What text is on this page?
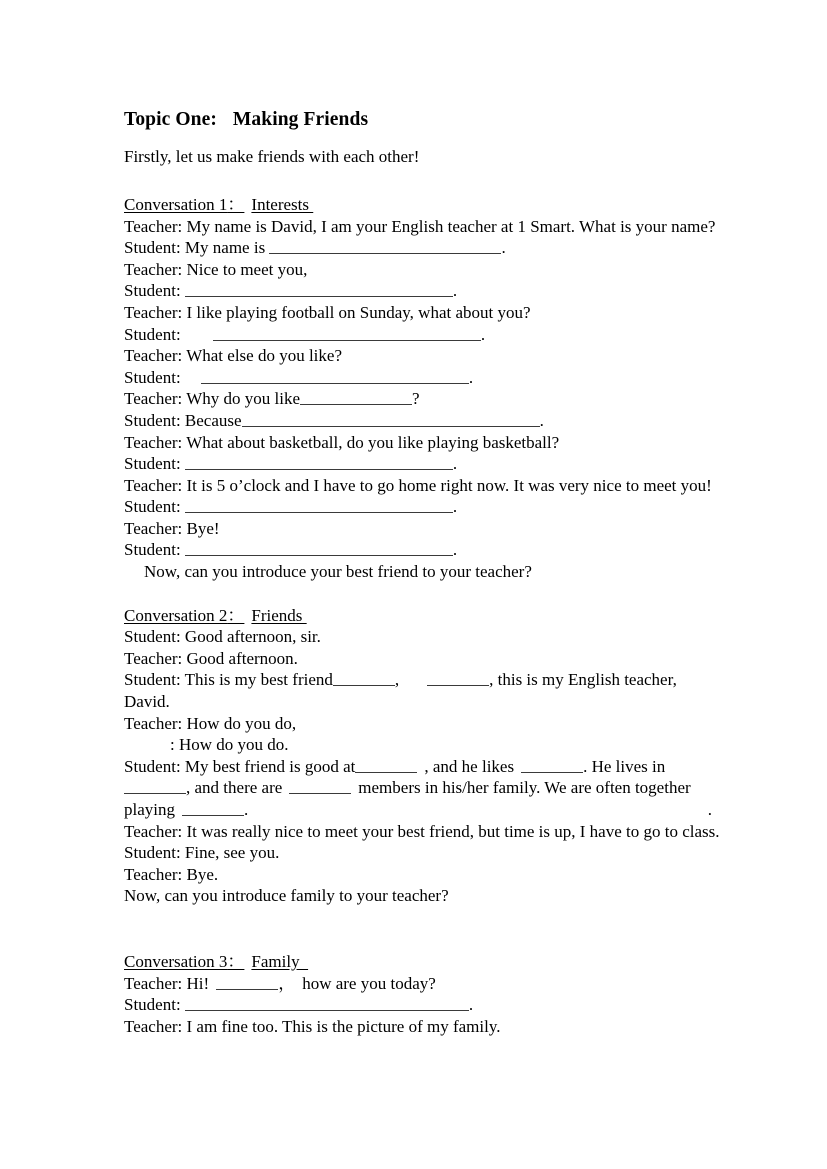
Topic One: Making Friends

Firstly, let us make friends with each other!

Conversation 1： Interests

Teacher: My name is David, I am your English teacher at 1 Smart. What is your name?

Student: My name is	.

Teacher: Nice to meet you,

Student:	.

Teacher: I like playing football on Sunday, what about you?

Student:	.

Teacher: What else do you like?

Student:	.

Teacher: Why do you like	?

Student: Because	.

Teacher: What about basketball, do you like playing basketball?

Student:	.

Teacher: It is 5 o’clock and I have to go home right now. It was very nice to meet you!

Student:	.

Teacher: Bye!

Student:	.

Now, can you introduce your best friend to your teacher?

Conversation 2： Friends

Student: Good afternoon, sir.

Teacher: Good afternoon.

Student: This is my best friend	,	, this is my English teacher, David.

Teacher: How do you do,

: How do you do.

Student: My best friend is good at	, and he likes	. He lives in
, and there are	members in his/her family. We are often together playing	.	.

Teacher: It was really nice to meet your best friend, but time is up, I have to go to class.

Student: Fine, see you.

Teacher: Bye.

Now, can you introduce family to your teacher?

Conversation 3： Family

Teacher: Hi!	， how are you today?

Student:	.

Teacher: I am fine too. This is the picture of my family.
